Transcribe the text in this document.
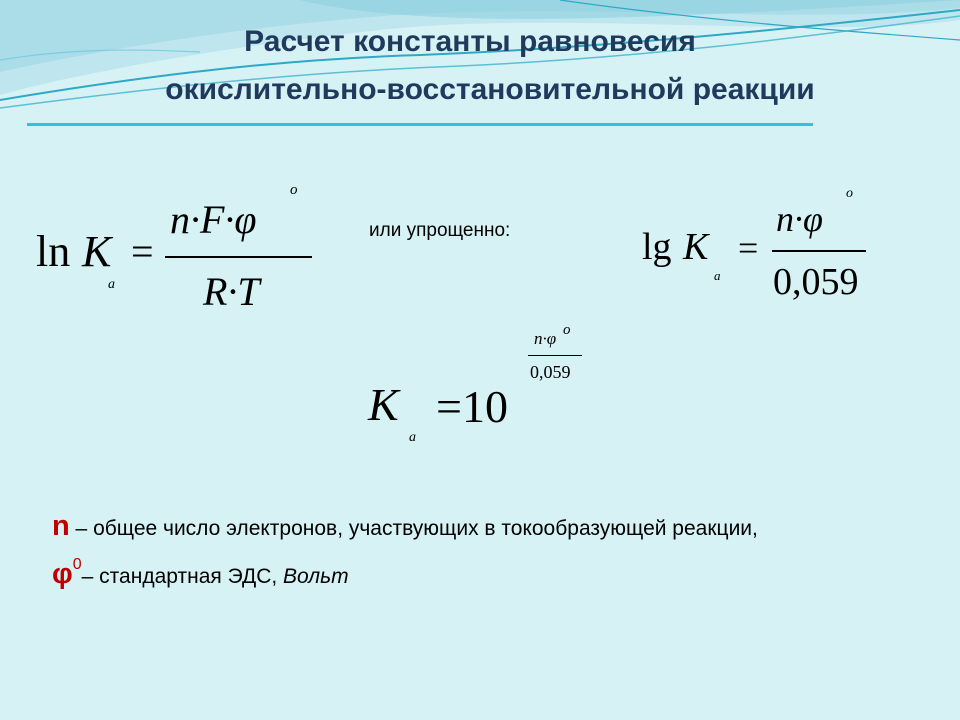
Расчет константы равновесия
окислительно-восстановительной реакции
ln K
a
=
n·F·φ
o
R·T
или упрощенно:	lg K
a
=
n·φ
o
0,059
K
a
=10
n·φ o
0,059
n – общее число электронов, участвующих в токообразующей реакции,
$\varphi^0-$ стандартная ЭДС, Вольт
